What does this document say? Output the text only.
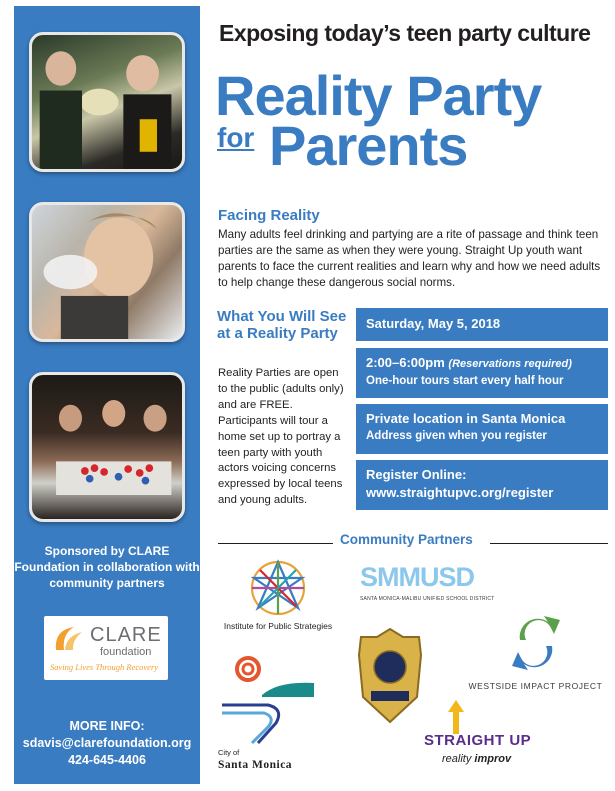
Sponsored by CLARE Foundation in collaboration with community partners
CLARE
foundation
Saving Lives Through Recovery
MORE INFO:
sdavis@clarefoundation.org
424-645-4406
Exposing today’s teen party culture
Reality Party
for Parents
Facing Reality
Many adults feel drinking and partying are a rite of passage and think teen parties are the same as when they were young. Straight Up youth want parents to face the current realities and learn why and how we need adults to help change these dangerous social norms.
What You Will See at a Reality Party
Reality Parties are open to the public (adults only) and are FREE. Participants will tour a home set up to portray a teen party with youth actors voicing concerns expressed by local teens and young adults.
Saturday, May 5, 2018
2:00–6:00pm (Reservations required)
One-hour tours start every half hour
Private location in Santa Monica
Address given when you register
Register Online:
www.straightupvc.org/register
Community Partners
Institute for Public Strategies
SMMUSD
SANTA MONICA-MALIBU UNIFIED SCHOOL DISTRICT
WESTSIDE IMPACT PROJECT
City of
Santa Monica
STRAIGHT UP
reality improv
